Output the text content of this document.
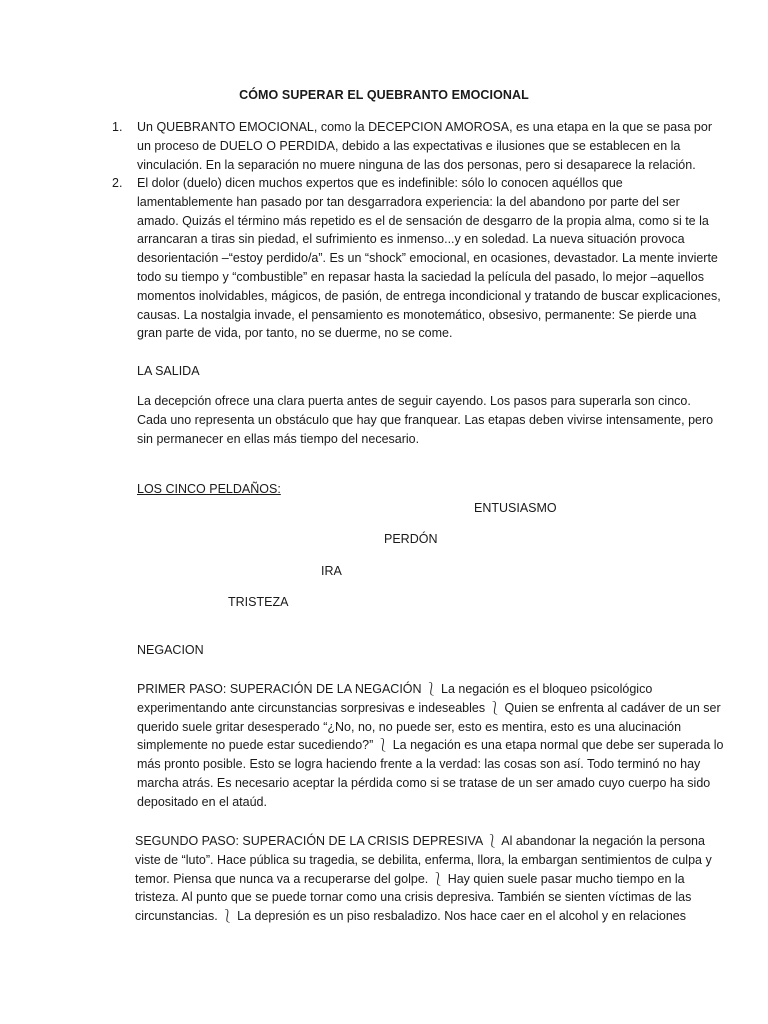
CÓMO SUPERAR EL QUEBRANTO EMOCIONAL
1. Un QUEBRANTO EMOCIONAL, como la DECEPCION AMOROSA, es una etapa en la que se pasa por un proceso de DUELO O PERDIDA, debido a las expectativas e ilusiones que se establecen en la vinculación. En la separación no muere ninguna de las dos personas, pero si desaparece la relación.
2. El dolor (duelo) dicen muchos expertos que es indefinible: sólo lo conocen aquéllos que lamentablemente han pasado por tan desgarradora experiencia: la del abandono por parte del ser amado. Quizás el término más repetido es el de sensación de desgarro de la propia alma, como si te la arrancaran a tiras sin piedad, el sufrimiento es inmenso...y en soledad. La nueva situación provoca desorientación –“estoy perdido/a”. Es un “shock” emocional, en ocasiones, devastador. La mente invierte todo su tiempo y “combustible” en repasar hasta la saciedad la película del pasado, lo mejor –aquellos momentos inolvidables, mágicos, de pasión, de entrega incondicional y tratando de buscar explicaciones, causas. La nostalgia invade, el pensamiento es monotemático, obsesivo, permanente: Se pierde una gran parte de vida, por tanto, no se duerme, no se come.
LA SALIDA
La decepción ofrece una clara puerta antes de seguir cayendo. Los pasos para superarla son cinco. Cada uno representa un obstáculo que hay que franquear. Las etapas deben vivirse intensamente, pero sin permanecer en ellas más tiempo del necesario.
LOS CINCO PELDAÑOS:
ENTUSIASMO
PERDÓN
IRA
TRISTEZA
NEGACION
PRIMER PASO: SUPERACIÓN DE LA NEGACIÓN ⎱ La negación es el bloqueo psicológico experimentando ante circunstancias sorpresivas e indeseables ⎱ Quien se enfrenta al cadáver de un ser querido suele gritar desesperado “¿No, no, no puede ser, esto es mentira, esto es una alucinación simplemente no puede estar sucediendo?” ⎱ La negación es una etapa normal que debe ser superada lo más pronto posible. Esto se logra haciendo frente a la verdad: las cosas son así. Todo terminó no hay marcha atrás. Es necesario aceptar la pérdida como si se tratase de un ser amado cuyo cuerpo ha sido depositado en el ataúd.
SEGUNDO PASO: SUPERACIÓN DE LA CRISIS DEPRESIVA ⎱ Al abandonar la negación la persona viste de “luto”. Hace pública su tragedia, se debilita, enferma, llora, la embargan sentimientos de culpa y temor. Piensa que nunca va a recuperarse del golpe. ⎱ Hay quien suele pasar mucho tiempo en la tristeza. Al punto que se puede tornar como una crisis depresiva. También se sienten víctimas de las circunstancias. ⎱ La depresión es un piso resbaladizo. Nos hace caer en el alcohol y en relaciones
